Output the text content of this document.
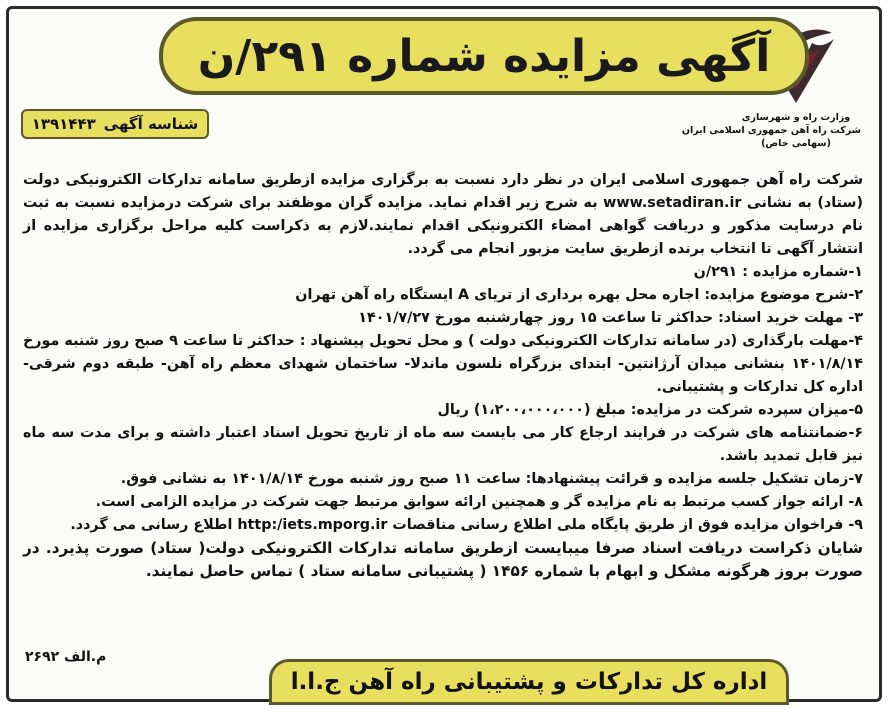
وزارت راه و شهرسازی
شرکت راه آهن جمهوری اسلامی ایران
(سهامی خاص)
آگهی مزایده شماره ۲۹۱/ن
شناسه آگهی
۱۳۹۱۴۴۳

شرکت راه آهن جمهوری اسلامی ایران در نظر دارد نسبت به برگزاری مزایده ازطریق سامانه تدارکات الکترونیکی دولت (ستاد) به نشانی www.setadiran.ir به شرح زیر اقدام نماید. مزایده گران موظفند برای شرکت درمزایده نسبت به ثبت نام درسایت مذکور و دریافت گواهی امضاء الکترونیکی اقدام نمایند.لازم به ذکراست کلیه مراحل برگزاری مزایده از انتشار آگهی تا انتخاب برنده ازطریق سایت مزبور انجام می گردد.

۱-شماره مزایده : ۲۹۱/ن

۲-شرح موضوع مزایده: اجاره محل بهره برداری از تریای A ایستگاه راه آهن تهران

۳- مهلت خرید اسناد: حداکثر تا ساعت ۱۵ روز چهارشنبه مورخ ۱۴۰۱/۷/۲۷

۴-مهلت بارگذاری (در سامانه تدارکات الکترونیکی دولت ) و محل تحویل پیشنهاد : حداکثر تا ساعت ۹ صبح روز شنبه مورخ ۱۴۰۱/۸/۱۴ بنشانی میدان آرژانتین- ابتدای بزرگراه نلسون ماندلا- ساختمان شهدای معظم راه آهن- طبقه دوم شرقی- اداره کل تدارکات و پشتیبانی.

۵-میزان سپرده شرکت در مزایده: مبلغ (۱،۲۰۰،۰۰۰،۰۰۰) ریال

۶-ضمانتنامه های شرکت در فرایند ارجاع کار می بایست سه ماه از تاریخ تحویل اسناد اعتبار داشته و برای مدت سه ماه نیز قابل تمدید باشد.

۷-زمان تشکیل جلسه مزایده و قرائت پیشنهادها: ساعت ۱۱ صبح روز شنبه مورخ ۱۴۰۱/۸/۱۴ به نشانی فوق.

۸- ارائه جواز کسب مرتبط به نام مزایده گر و همچنین ارائه سوابق مرتبط جهت شرکت در مزایده الزامی است.

۹- فراخوان مزایده فوق از طریق پایگاه ملی اطلاع رسانی مناقصات http:/iets.mporg.ir اطلاع رسانی می گردد.

شایان ذکراست دریافت اسناد صرفا میبایست ازطریق سامانه تدارکات الکترونیکی دولت( ستاد) صورت پذیرد. در صورت بروز هرگونه مشکل و ابهام با شماره ۱۴۵۶ ( پشتیبانی سامانه ستاد ) تماس حاصل نمایند.

م.الف ۲۶۹۲
اداره کل تدارکات و پشتیبانی راه آهن ج.ا.ا
